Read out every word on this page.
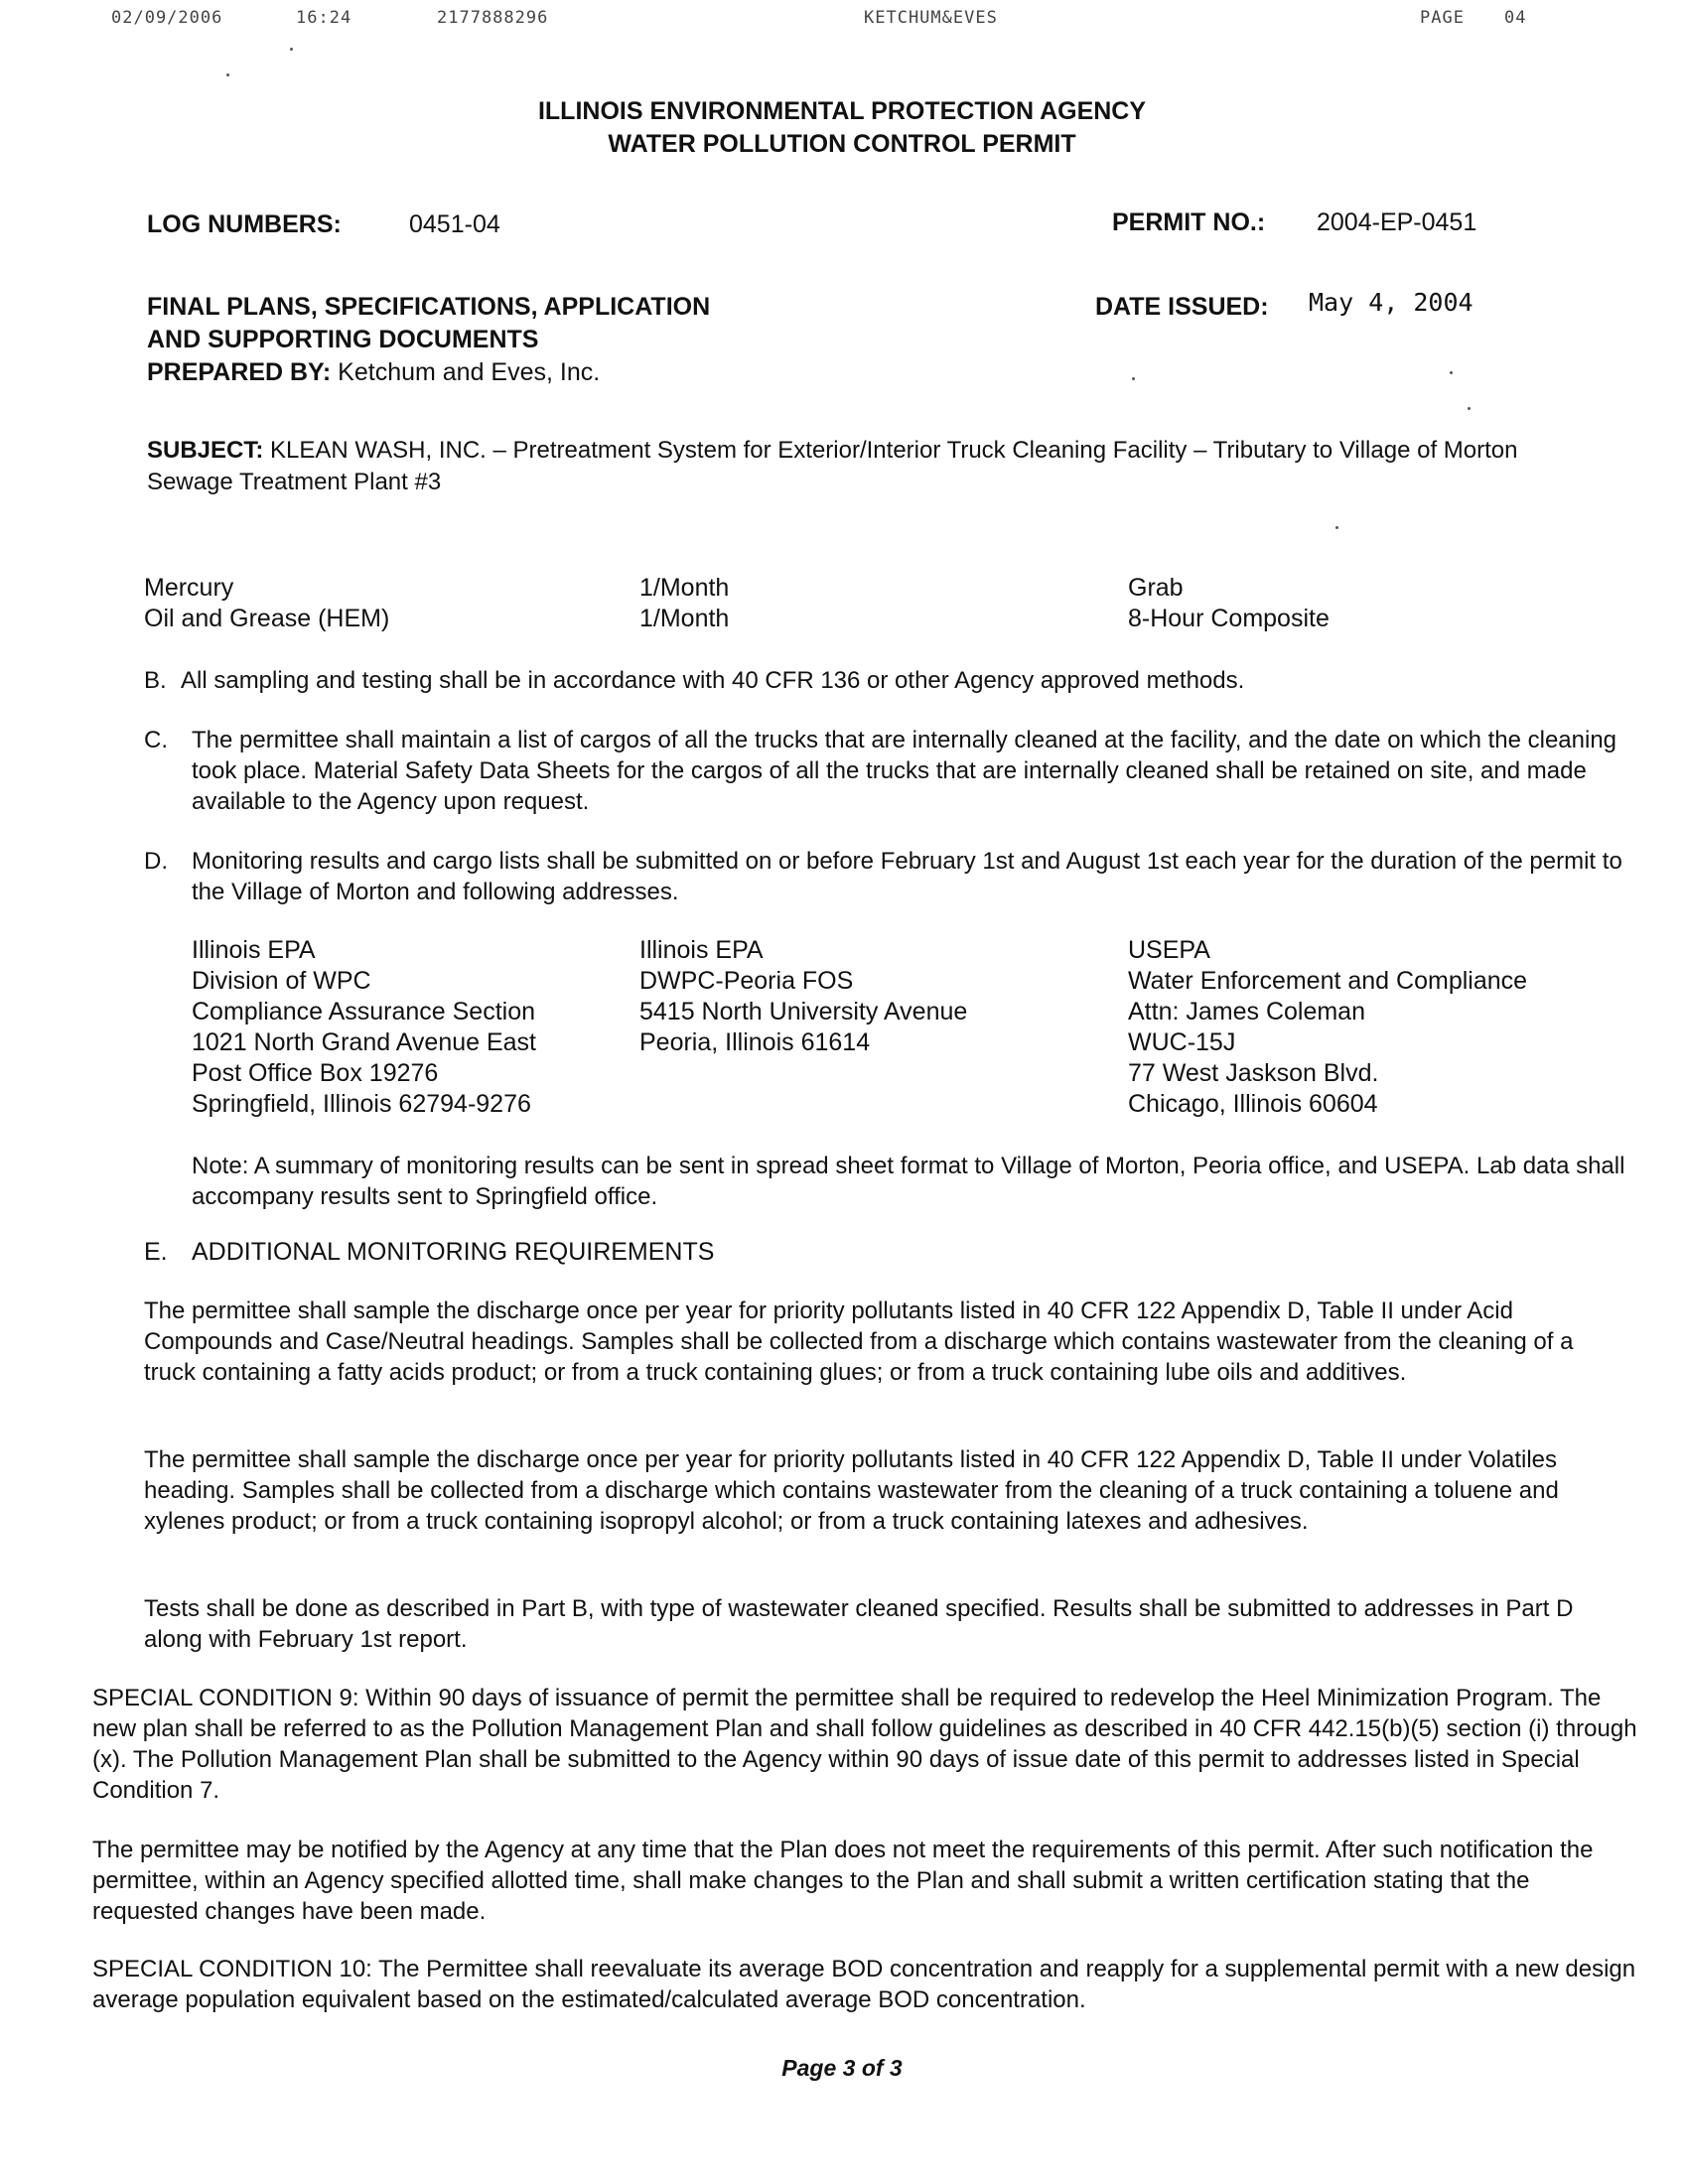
02/09/2006	16:24	2177888296	KETCHUM&EVES	PAGE 04
ILLINOIS ENVIRONMENTAL PROTECTION AGENCY
WATER POLLUTION CONTROL PERMIT
LOG NUMBERS:	0451-04	PERMIT NO.: 2004-EP-0451
FINAL PLANS, SPECIFICATIONS, APPLICATION
AND SUPPORTING DOCUMENTS
PREPARED BY: Ketchum and Eves, Inc.
DATE ISSUED: May 4, 2004
SUBJECT: KLEAN WASH, INC. – Pretreatment System for Exterior/Interior Truck Cleaning Facility – Tributary to Village of Morton Sewage Treatment Plant #3
Mercury	1/Month	Grab
Oil and Grease (HEM)	1/Month	8-Hour Composite
B. All sampling and testing shall be in accordance with 40 CFR 136 or other Agency approved methods.
C. The permittee shall maintain a list of cargos of all the trucks that are internally cleaned at the facility, and the date on which the cleaning took place. Material Safety Data Sheets for the cargos of all the trucks that are internally cleaned shall be retained on site, and made available to the Agency upon request.
D. Monitoring results and cargo lists shall be submitted on or before February 1st and August 1st each year for the duration of the permit to the Village of Morton and following addresses.
Illinois EPA
Division of WPC
Compliance Assurance Section
1021 North Grand Avenue East
Post Office Box 19276
Springfield, Illinois 62794-9276
Illinois EPA
DWPC-Peoria FOS
5415 North University Avenue
Peoria, Illinois 61614
USEPA
Water Enforcement and Compliance
Attn: James Coleman
WUC-15J
77 West Jaskson Blvd.
Chicago, Illinois 60604
Note: A summary of monitoring results can be sent in spread sheet format to Village of Morton, Peoria office, and USEPA. Lab data shall accompany results sent to Springfield office.
E. ADDITIONAL MONITORING REQUIREMENTS
The permittee shall sample the discharge once per year for priority pollutants listed in 40 CFR 122 Appendix D, Table II under Acid Compounds and Case/Neutral headings. Samples shall be collected from a discharge which contains wastewater from the cleaning of a truck containing a fatty acids product; or from a truck containing glues; or from a truck containing lube oils and additives.
The permittee shall sample the discharge once per year for priority pollutants listed in 40 CFR 122 Appendix D, Table II under Volatiles heading. Samples shall be collected from a discharge which contains wastewater from the cleaning of a truck containing a toluene and xylenes product; or from a truck containing isopropyl alcohol; or from a truck containing latexes and adhesives.
Tests shall be done as described in Part B, with type of wastewater cleaned specified. Results shall be submitted to addresses in Part D along with February 1st report.
SPECIAL CONDITION 9: Within 90 days of issuance of permit the permittee shall be required to redevelop the Heel Minimization Program. The new plan shall be referred to as the Pollution Management Plan and shall follow guidelines as described in 40 CFR 442.15(b)(5) section (i) through (x). The Pollution Management Plan shall be submitted to the Agency within 90 days of issue date of this permit to addresses listed in Special Condition 7.
The permittee may be notified by the Agency at any time that the Plan does not meet the requirements of this permit. After such notification the permittee, within an Agency specified allotted time, shall make changes to the Plan and shall submit a written certification stating that the requested changes have been made.
SPECIAL CONDITION 10: The Permittee shall reevaluate its average BOD concentration and reapply for a supplemental permit with a new design average population equivalent based on the estimated/calculated average BOD concentration.
Page 3 of 3
